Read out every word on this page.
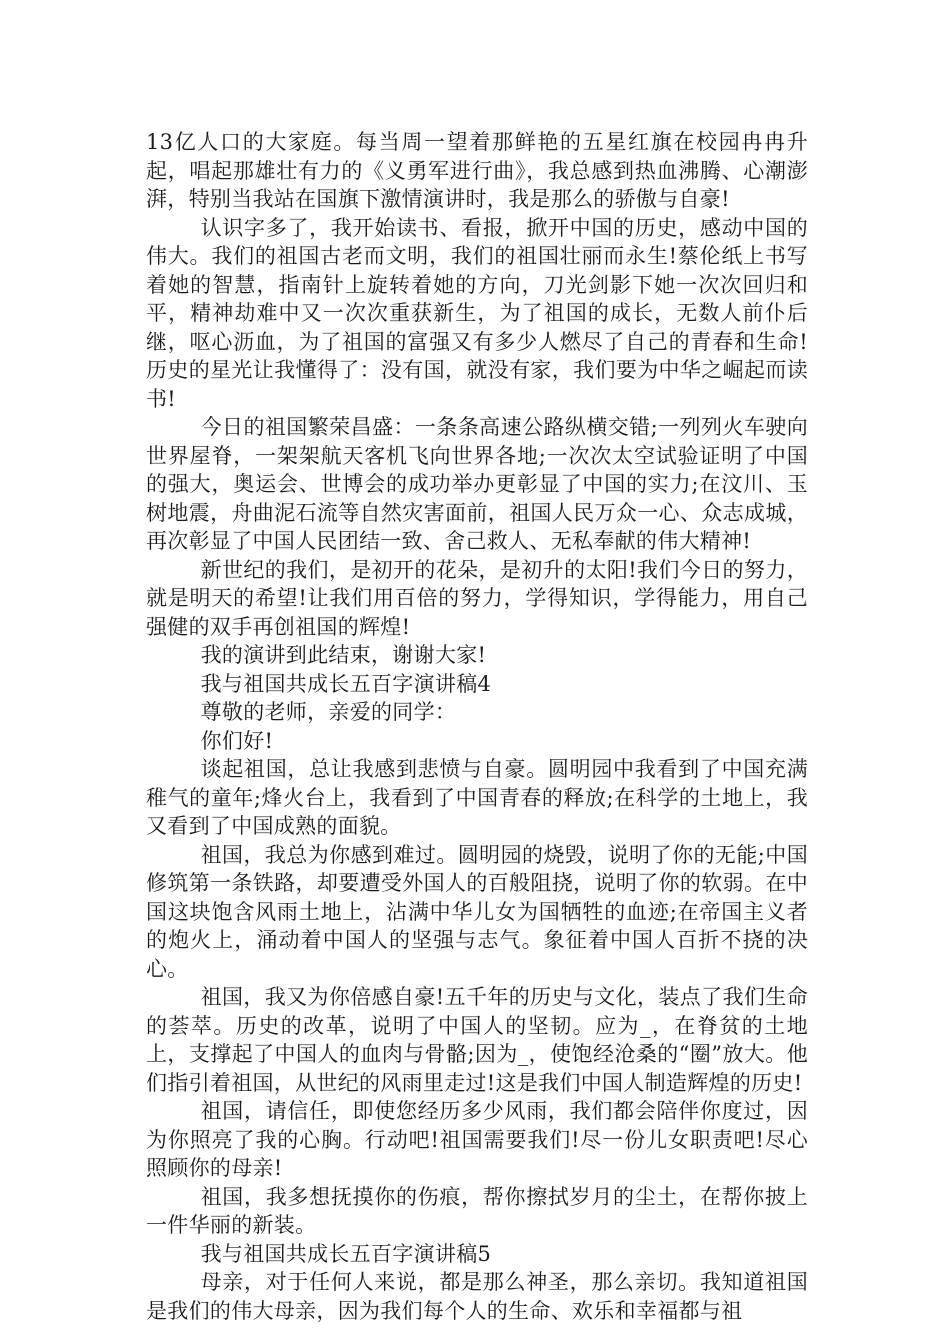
13亿人口的大家庭。每当周一望着那鲜艳的五星红旗在校园冉冉升起，唱起那雄壮有力的《义勇军进行曲》，我总感到热血沸腾、心潮澎湃，特别当我站在国旗下激情演讲时，我是那么的骄傲与自豪!

认识字多了，我开始读书、看报，掀开中国的历史，感动中国的伟大。我们的祖国古老而文明，我们的祖国壮丽而永生!蔡伦纸上书写着她的智慧，指南针上旋转着她的方向，刀光剑影下她一次次回归和平，精神劫难中又一次次重获新生，为了祖国的成长，无数人前仆后继，呕心沥血，为了祖国的富强又有多少人燃尽了自己的青春和生命!历史的星光让我懂得了：没有国，就没有家，我们要为中华之崛起而读书!

今日的祖国繁荣昌盛：一条条高速公路纵横交错;一列列火车驶向世界屋脊，一架架航天客机飞向世界各地;一次次太空试验证明了中国的强大，奥运会、世博会的成功举办更彰显了中国的实力;在汶川、玉树地震，舟曲泥石流等自然灾害面前，祖国人民万众一心、众志成城，再次彰显了中国人民团结一致、舍己救人、无私奉献的伟大精神!

新世纪的我们，是初开的花朵，是初升的太阳!我们今日的努力，就是明天的希望!让我们用百倍的努力，学得知识，学得能力，用自己强健的双手再创祖国的辉煌!

我的演讲到此结束，谢谢大家!

我与祖国共成长五百字演讲稿4

尊敬的老师，亲爱的同学：

你们好!

谈起祖国，总让我感到悲愤与自豪。圆明园中我看到了中国充满稚气的童年;烽火台上，我看到了中国青春的释放;在科学的土地上，我又看到了中国成熟的面貌。

祖国，我总为你感到难过。圆明园的烧毁，说明了你的无能;中国修筑第一条铁路，却要遭受外国人的百般阻挠，说明了你的软弱。在中国这块饱含风雨土地上，沾满中华儿女为国牺牲的血迹;在帝国主义者的炮火上，涌动着中国人的坚强与志气。象征着中国人百折不挠的决心。

祖国，我又为你倍感自豪!五千年的历史与文化，装点了我们生命的荟萃。历史的改革，说明了中国人的坚韧。应为_，在脊贫的土地上，支撑起了中国人的血肉与骨骼;因为_，使饱经沧桑的“圈”放大。他们指引着祖国，从世纪的风雨里走过!这是我们中国人制造辉煌的历史!

祖国，请信任，即使您经历多少风雨，我们都会陪伴你度过，因为你照亮了我的心胸。行动吧!祖国需要我们!尽一份儿女职责吧!尽心照顾你的母亲!

祖国，我多想抚摸你的伤痕，帮你擦拭岁月的尘土，在帮你披上一件华丽的新装。

我与祖国共成长五百字演讲稿5

母亲，对于任何人来说，都是那么神圣，那么亲切。我知道祖国是我们的伟大母亲，因为我们每个人的生命、欢乐和幸福都与祖
